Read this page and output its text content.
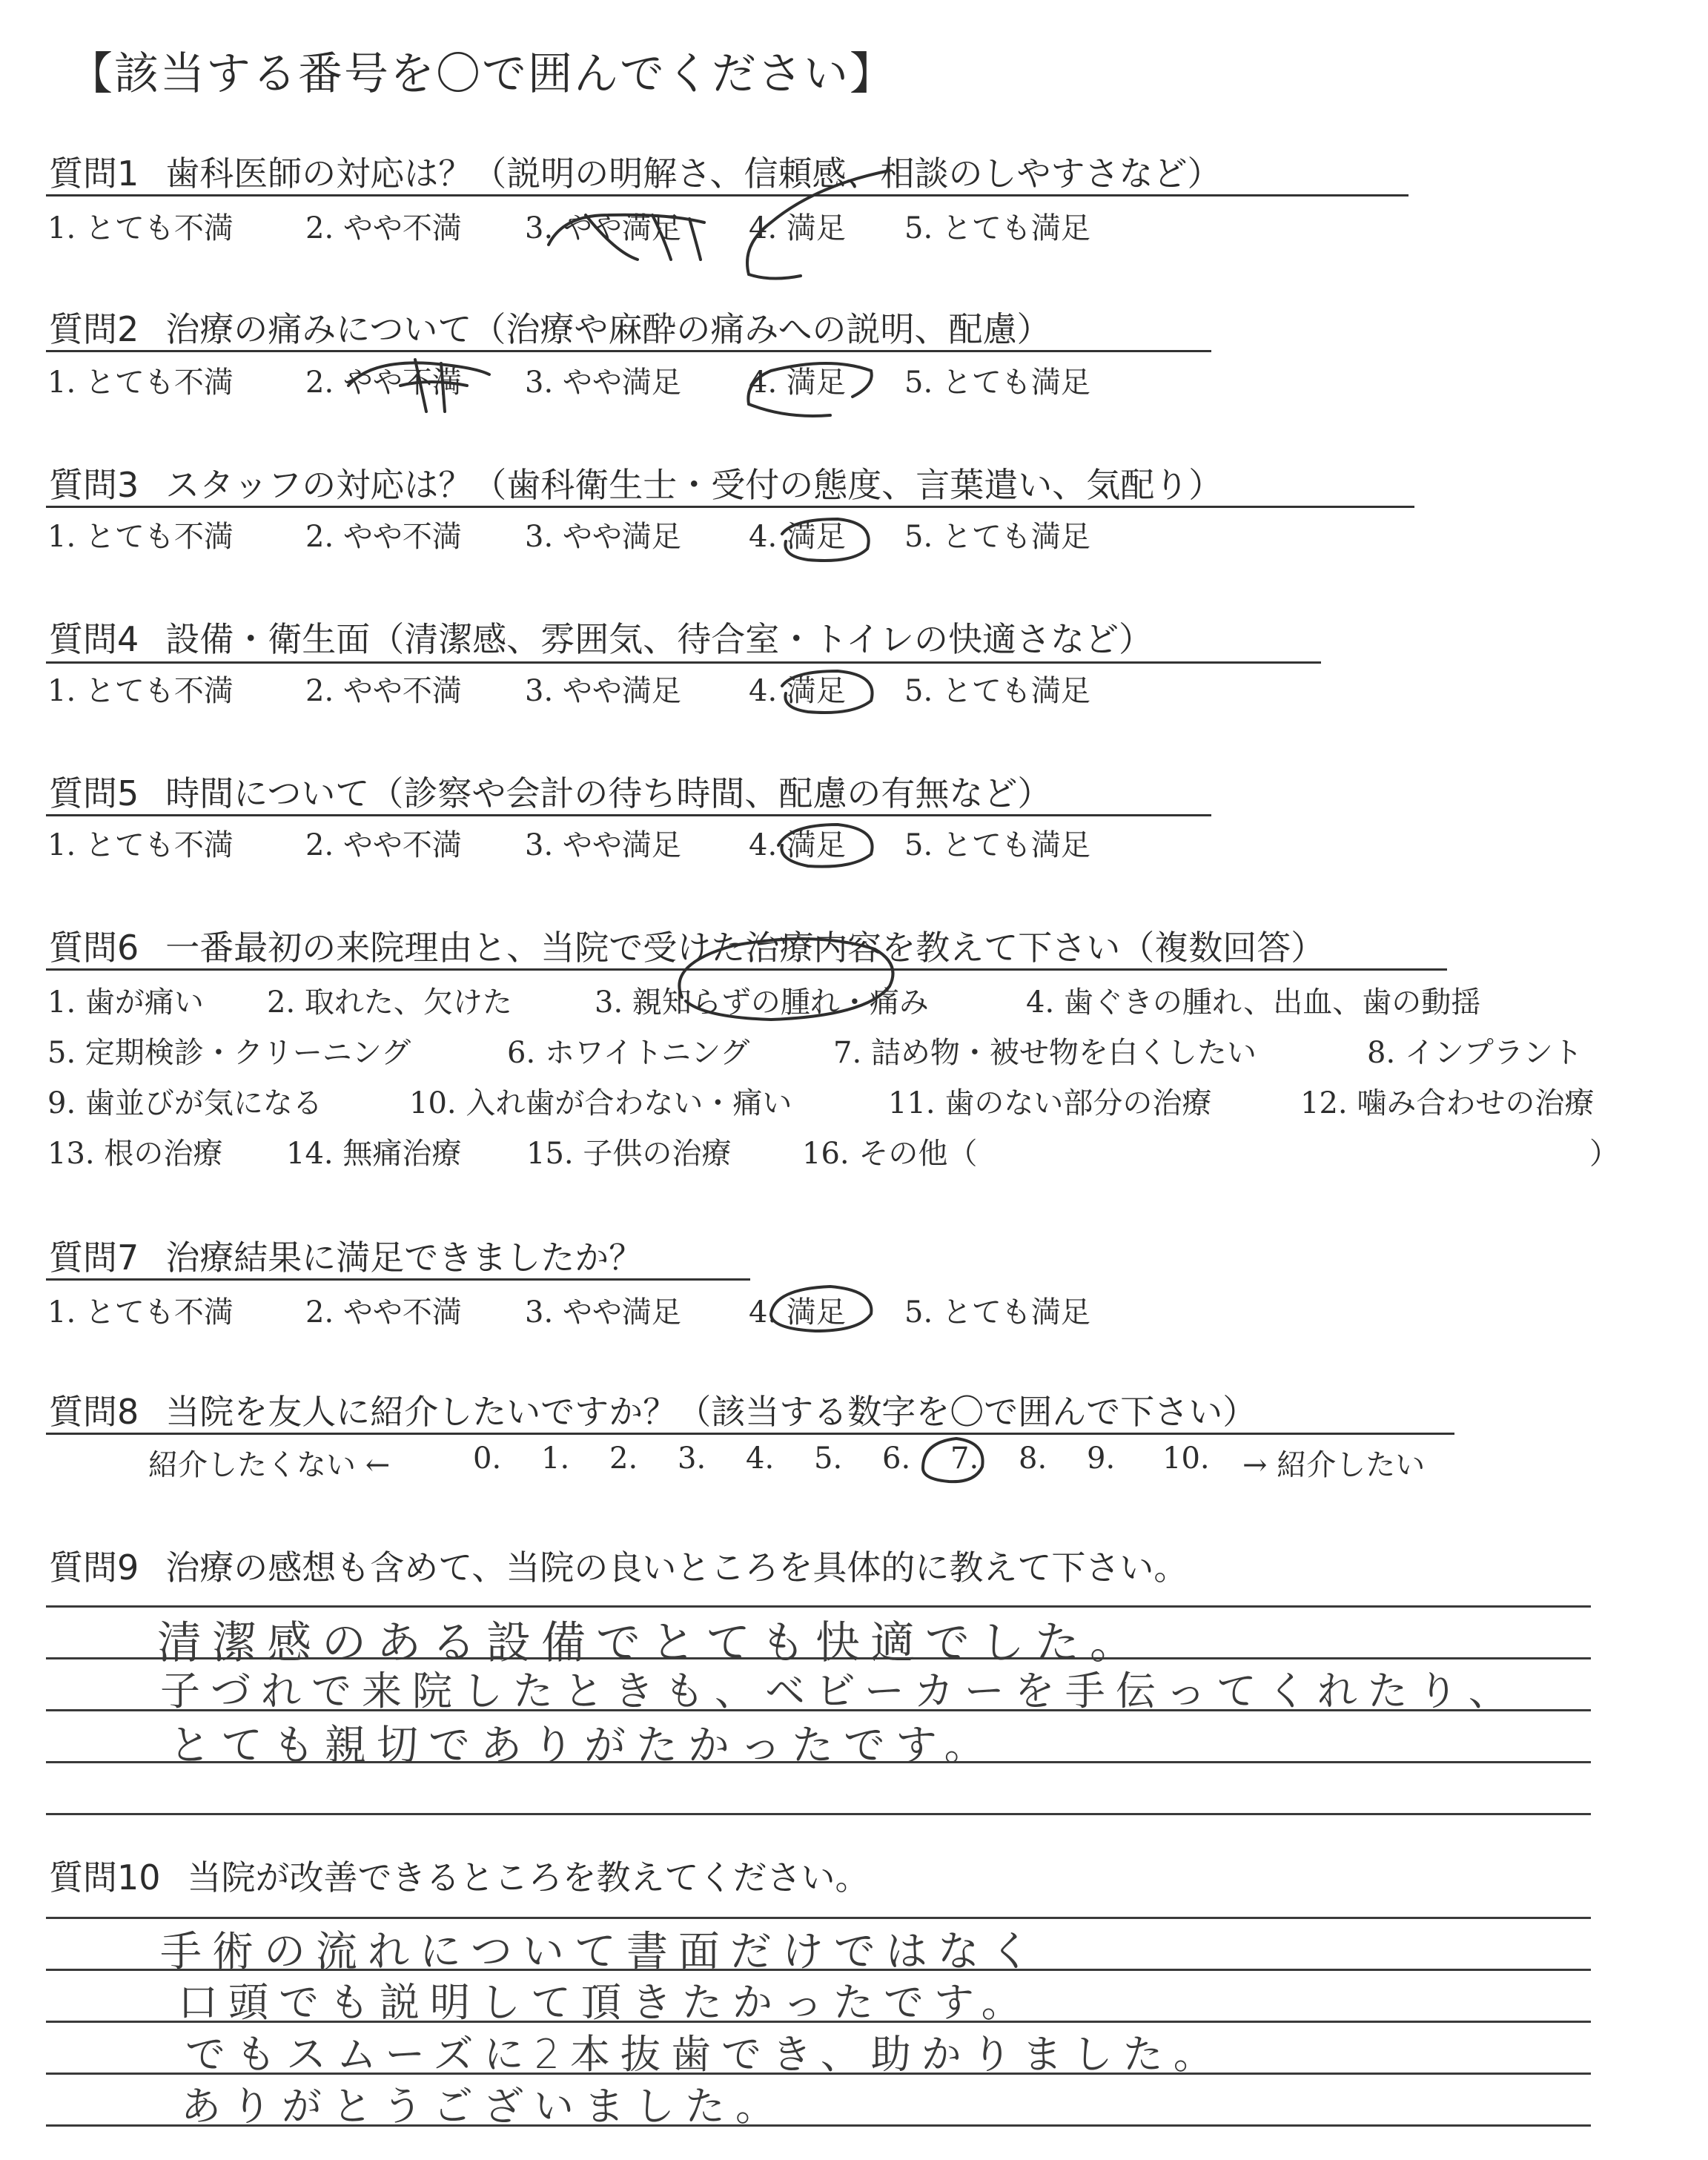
【該当する番号を〇で囲んでください】
質問1 歯科医師の対応は？（説明の明解さ、信頼感、相談のしやすさなど）
1. とても不満 2. やや不満 3. やや満足 4. 満足 5. とても満足
質問2 治療の痛みについて（治療や麻酔の痛みへの説明、配慮）
1. とても不満 2. やや不満 3. やや満足 4. 満足 5. とても満足
質問3 スタッフの対応は？（歯科衛生士・受付の態度、言葉遣い、気配り）
1. とても不満 2. やや不満 3. やや満足 4. 満足 5. とても満足
質問4 設備・衛生面（清潔感、雰囲気、待合室・トイレの快適さなど）
1. とても不満 2. やや不満 3. やや満足 4. 満足 5. とても満足
質問5 時間について（診察や会計の待ち時間、配慮の有無など）
1. とても不満 2. やや不満 3. やや満足 4. 満足 5. とても満足
質問6 一番最初の来院理由と、当院で受けた治療内容を教えて下さい（複数回答）
1. 歯が痛い 2. 取れた、欠けた	3. 親知らずの腫れ・痛み	4. 歯ぐきの腫れ、出血、歯の動揺
5. 定期検診・クリーニング	6. ホワイトニング	7. 詰め物・被せ物を白くしたい	8. インプラント
9. 歯並びが気になる	10. 入れ歯が合わない・痛い	11. 歯のない部分の治療	12. 噛み合わせの治療
13. 根の治療 14. 無痛治療 15. 子供の治療 16. その他（	）
質問7 治療結果に満足できましたか？
1. とても不満 2. やや不満 3. やや満足 4. 満足 5. とても満足
質問8 当院を友人に紹介したいですか？（該当する数字を〇で囲んで下さい）
紹介したくない ←	0. 1. 2. 3. 4. 5. 6. 7. 8. 9. 10. → 紹介したい
質問9 治療の感想も含めて、当院の良いところを具体的に教えて下さい。
清潔感のある設備でとても快適でした。
子づれで来院したときも、ベビーカーを手伝ってくれたり、
とても親切でありがたかったです。
質問10 当院が改善できるところを教えてください。
手術の流れについて書面だけではなく
口頭でも説明して頂きたかったです。
でもスムーズに2本抜歯でき、助かりました。
ありがとうございました。
